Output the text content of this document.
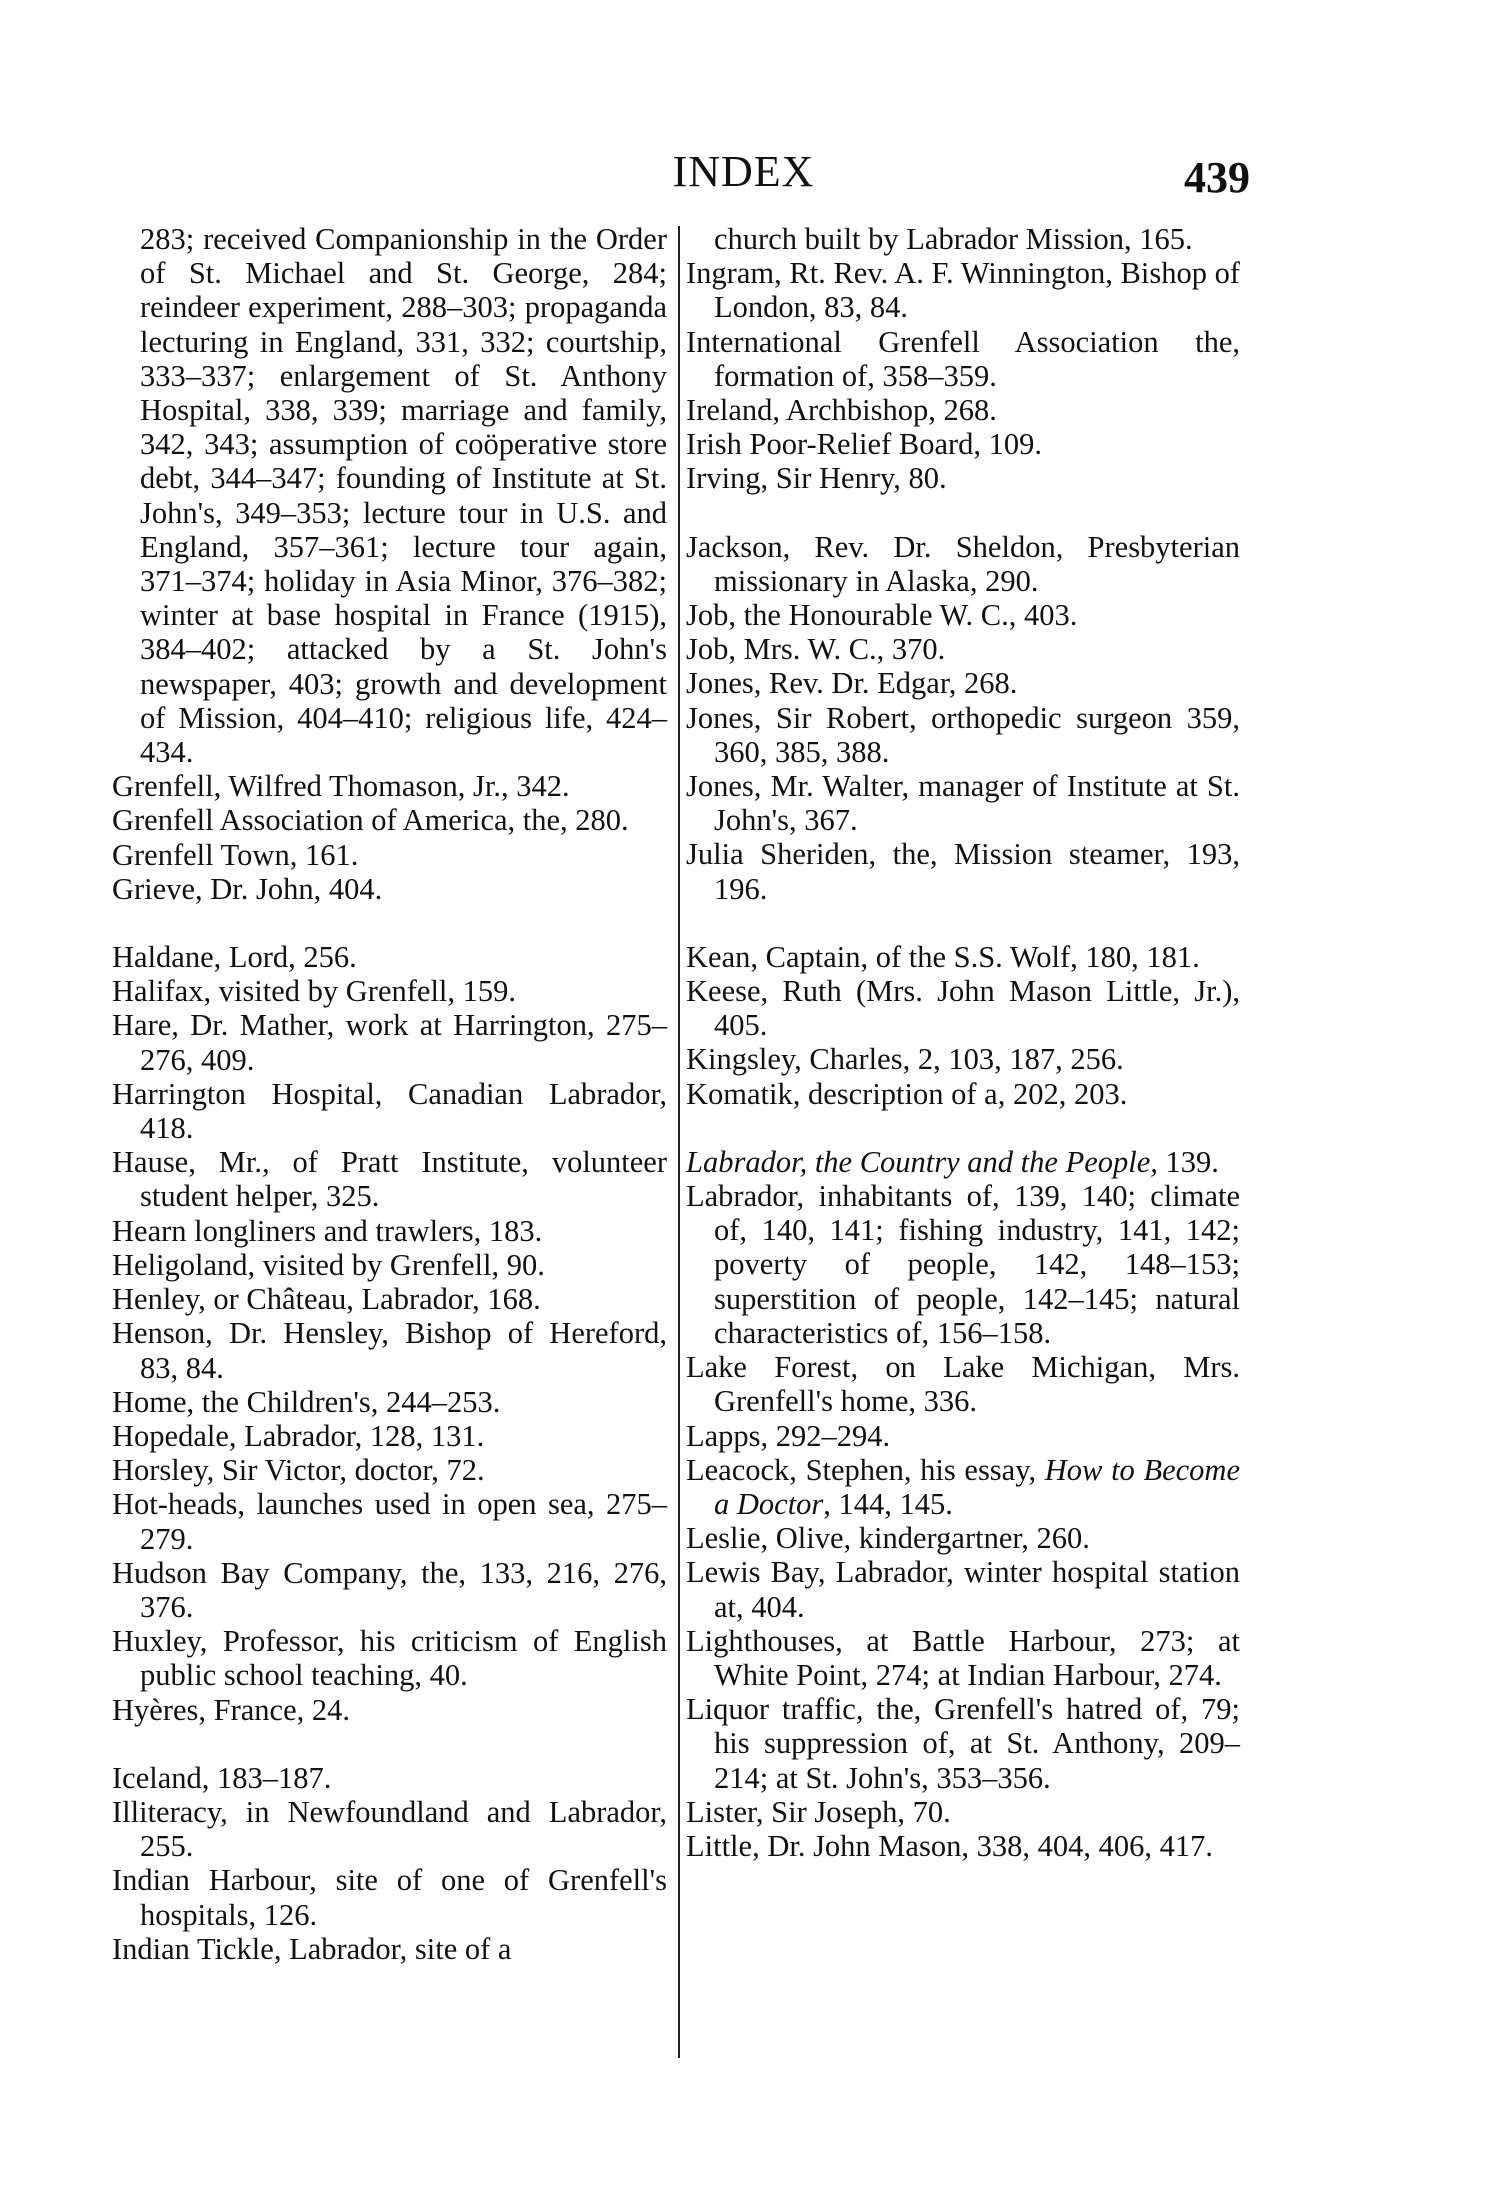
INDEX	439
283; received Companionship in the Order of St. Michael and St. George, 284; reindeer experiment, 288–303; propaganda lecturing in England, 331, 332; courtship, 333–337; enlargement of St. Anthony Hospital, 338, 339; marriage and family, 342, 343; assumption of coöperative store debt, 344–347; founding of Institute at St. John's, 349–353; lecture tour in U.S. and England, 357–361; lecture tour again, 371–374; holiday in Asia Minor, 376–382; winter at base hospital in France (1915), 384–402; attacked by a St. John's newspaper, 403; growth and development of Mission, 404–410; religious life, 424–434.
Grenfell, Wilfred Thomason, Jr., 342.
Grenfell Association of America, the, 280.
Grenfell Town, 161.
Grieve, Dr. John, 404.
Haldane, Lord, 256.
Halifax, visited by Grenfell, 159.
Hare, Dr. Mather, work at Harrington, 275–276, 409.
Harrington Hospital, Canadian Labrador, 418.
Hause, Mr., of Pratt Institute, volunteer student helper, 325.
Hearn longliners and trawlers, 183.
Heligoland, visited by Grenfell, 90.
Henley, or Château, Labrador, 168.
Henson, Dr. Hensley, Bishop of Hereford, 83, 84.
Home, the Children's, 244–253.
Hopedale, Labrador, 128, 131.
Horsley, Sir Victor, doctor, 72.
Hot-heads, launches used in open sea, 275–279.
Hudson Bay Company, the, 133, 216, 276, 376.
Huxley, Professor, his criticism of English public school teaching, 40.
Hyères, France, 24.
Iceland, 183–187.
Illiteracy, in Newfoundland and Labrador, 255.
Indian Harbour, site of one of Grenfell's hospitals, 126.
Indian Tickle, Labrador, site of a
church built by Labrador Mission, 165.
Ingram, Rt. Rev. A. F. Winnington, Bishop of London, 83, 84.
International Grenfell Association the, formation of, 358–359.
Ireland, Archbishop, 268.
Irish Poor-Relief Board, 109.
Irving, Sir Henry, 80.
Jackson, Rev. Dr. Sheldon, Presbyterian missionary in Alaska, 290.
Job, the Honourable W. C., 403.
Job, Mrs. W. C., 370.
Jones, Rev. Dr. Edgar, 268.
Jones, Sir Robert, orthopedic surgeon 359, 360, 385, 388.
Jones, Mr. Walter, manager of Institute at St. John's, 367.
Julia Sheriden, the, Mission steamer, 193, 196.
Kean, Captain, of the S.S. Wolf, 180, 181.
Keese, Ruth (Mrs. John Mason Little, Jr.), 405.
Kingsley, Charles, 2, 103, 187, 256.
Komatik, description of a, 202, 203.
Labrador, the Country and the People, 139.
Labrador, inhabitants of, 139, 140; climate of, 140, 141; fishing industry, 141, 142; poverty of people, 142, 148–153; superstition of people, 142–145; natural characteristics of, 156–158.
Lake Forest, on Lake Michigan, Mrs. Grenfell's home, 336.
Lapps, 292–294.
Leacock, Stephen, his essay, How to Become a Doctor, 144, 145.
Leslie, Olive, kindergartner, 260.
Lewis Bay, Labrador, winter hospital station at, 404.
Lighthouses, at Battle Harbour, 273; at White Point, 274; at Indian Harbour, 274.
Liquor traffic, the, Grenfell's hatred of, 79; his suppression of, at St. Anthony, 209–214; at St. John's, 353–356.
Lister, Sir Joseph, 70.
Little, Dr. John Mason, 338, 404, 406, 417.
